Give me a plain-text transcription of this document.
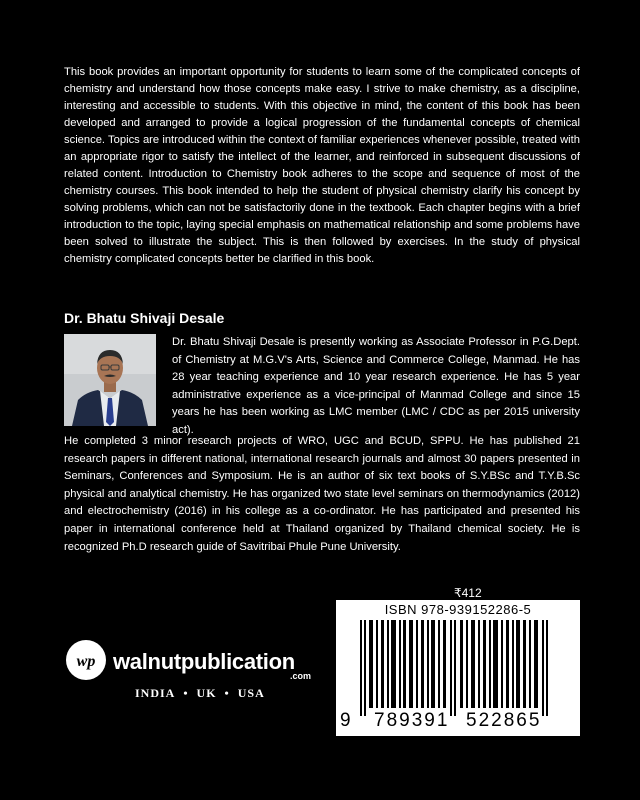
This book provides an important opportunity for students to learn some of the complicated concepts of chemistry and understand how those concepts make easy. I strive to make chemistry, as a discipline, interesting and accessible to students. With this objective in mind, the content of this book has been developed and arranged to provide a logical progression of the fundamental concepts of chemical science. Topics are introduced within the context of familiar experiences whenever possible, treated with an appropriate rigor to satisfy the intellect of the learner, and reinforced in subsequent discussions of related content. Introduction to Chemistry book adheres to the scope and sequence of most of the chemistry courses. This book intended to help the student of physical chemistry clarify his concept by solving problems, which can not be satisfactorily done in the textbook. Each chapter begins with a brief introduction to the topic, laying special emphasis on mathematical relationship and some problems have been solved to illustrate the subject. This is then followed by exercises. In the study of physical chemistry complicated concepts better be clarified in this book.

Dr. Bhatu Shivaji Desale

Dr. Bhatu Shivaji Desale is presently working as Associate Professor in P.G.Dept. of Chemistry at M.G.V's Arts, Science and Commerce College, Manmad. He has 28 year teaching experience and 10 year research experience. He has 5 year administrative experience as a vice-principal of Manmad College and since 15 years he has been working as LMC member (LMC / CDC as per 2015 university act).

He completed 3 minor research projects of WRO, UGC and BCUD, SPPU. He has published 21 research papers in different national, international research journals and almost 30 papers presented in Seminars, Conferences and Symposium. He is an author of six text books of S.Y.BSc and T.Y.B.Sc physical and analytical chemistry. He has organized two state level seminars on thermodynamics (2012) and electrochemistry (2016) in his college as a co-ordinator. He has participated and presented his paper in international conference held at Thailand organized by Thailand chemical society. He is recognized Ph.D research guide of Savitribai Phule Pune University.

₹412

ISBN 978-939152286-5
9 789391 522865
wp walnutpublication
.com
INDIA • UK • USA
